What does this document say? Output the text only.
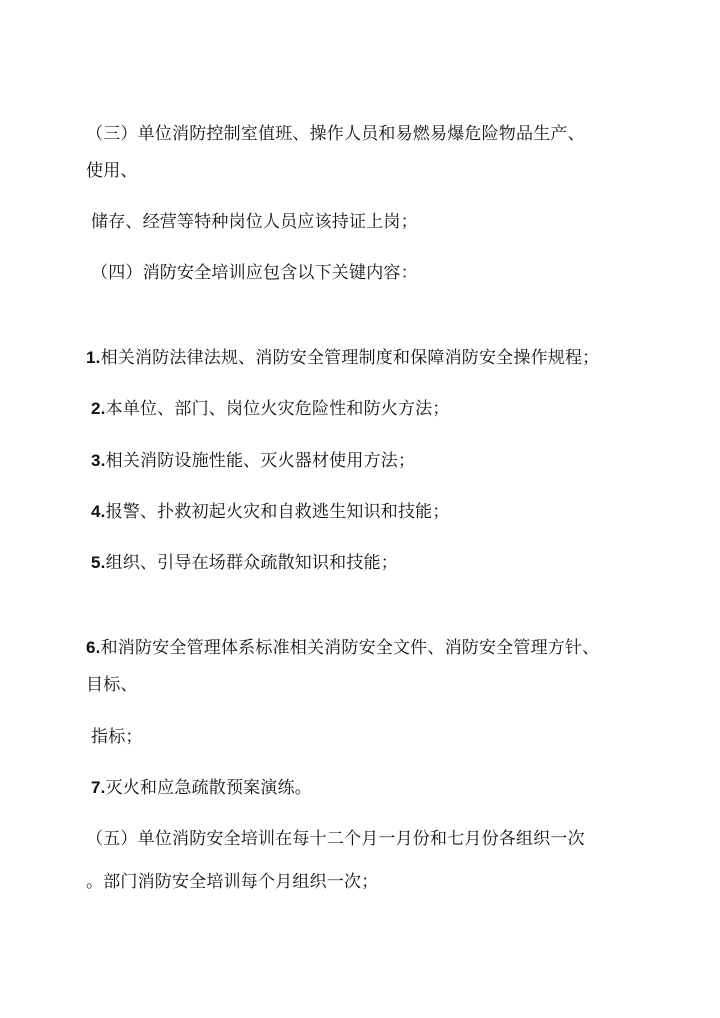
（三）单位消防控制室值班、操作人员和易燃易爆危险物品生产、
使用、
储存、经营等特种岗位人员应该持证上岗；
（四）消防安全培训应包含以下关键内容：
1.相关消防法律法规、消防安全管理制度和保障消防安全操作规程；
2.本单位、部门、岗位火灾危险性和防火方法；
3.相关消防设施性能、灭火器材使用方法；
4.报警、扑救初起火灾和自救逃生知识和技能；
5.组织、引导在场群众疏散知识和技能；
6.和消防安全管理体系标准相关消防安全文件、消防安全管理方针、
目标、
指标；
7.灭火和应急疏散预案演练。
（五）单位消防安全培训在每十二个月一月份和七月份各组织一次
。部门消防安全培训每个月组织一次；
